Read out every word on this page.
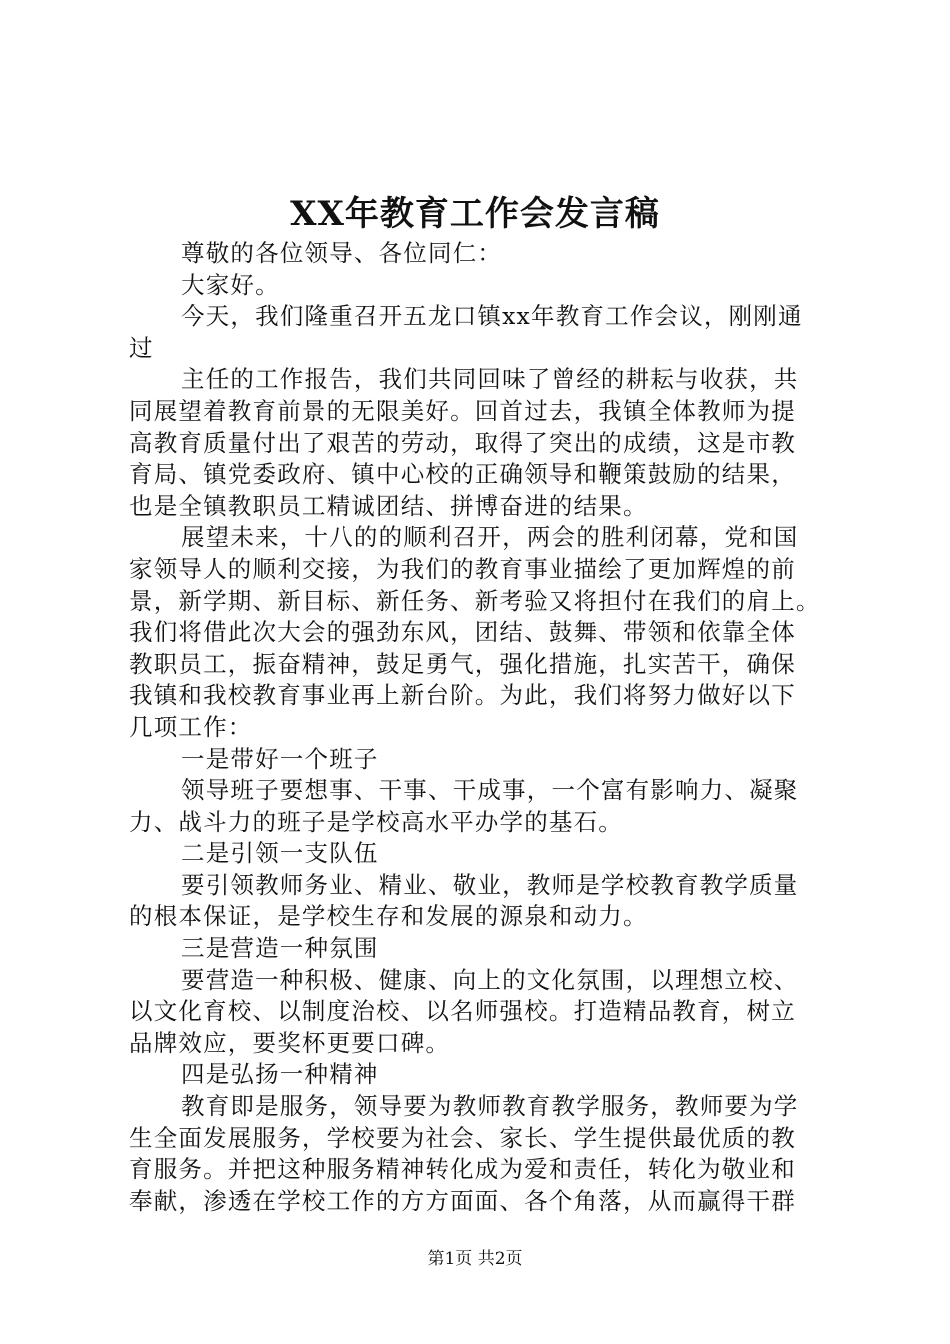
XX年教育工作会发言稿
尊敬的各位领导、各位同仁：
大家好。
今天，我们隆重召开五龙口镇xx年教育工作会议，刚刚通
过
主任的工作报告，我们共同回味了曾经的耕耘与收获，共
同展望着教育前景的无限美好。回首过去，我镇全体教师为提
高教育质量付出了艰苦的劳动，取得了突出的成绩，这是市教
育局、镇党委政府、镇中心校的正确领导和鞭策鼓励的结果，
也是全镇教职员工精诚团结、拼博奋进的结果。
展望未来，十八的的顺利召开，两会的胜利闭幕，党和国
家领导人的顺利交接，为我们的教育事业描绘了更加辉煌的前
景，新学期、新目标、新任务、新考验又将担付在我们的肩上。
我们将借此次大会的强劲东风，团结、鼓舞、带领和依靠全体
教职员工，振奋精神，鼓足勇气，强化措施，扎实苦干，确保
我镇和我校教育事业再上新台阶。为此，我们将努力做好以下
几项工作：
一是带好一个班子
领导班子要想事、干事、干成事，一个富有影响力、凝聚
力、战斗力的班子是学校高水平办学的基石。
二是引领一支队伍
要引领教师务业、精业、敬业，教师是学校教育教学质量
的根本保证，是学校生存和发展的源泉和动力。
三是营造一种氛围
要营造一种积极、健康、向上的文化氛围，以理想立校、
以文化育校、以制度治校、以名师强校。打造精品教育，树立
品牌效应，要奖杯更要口碑。
四是弘扬一种精神
教育即是服务，领导要为教师教育教学服务，教师要为学
生全面发展服务，学校要为社会、家长、学生提供最优质的教
育服务。并把这种服务精神转化成为爱和责任，转化为敬业和
奉献，渗透在学校工作的方方面面、各个角落，从而赢得干群
第1页 共2页
